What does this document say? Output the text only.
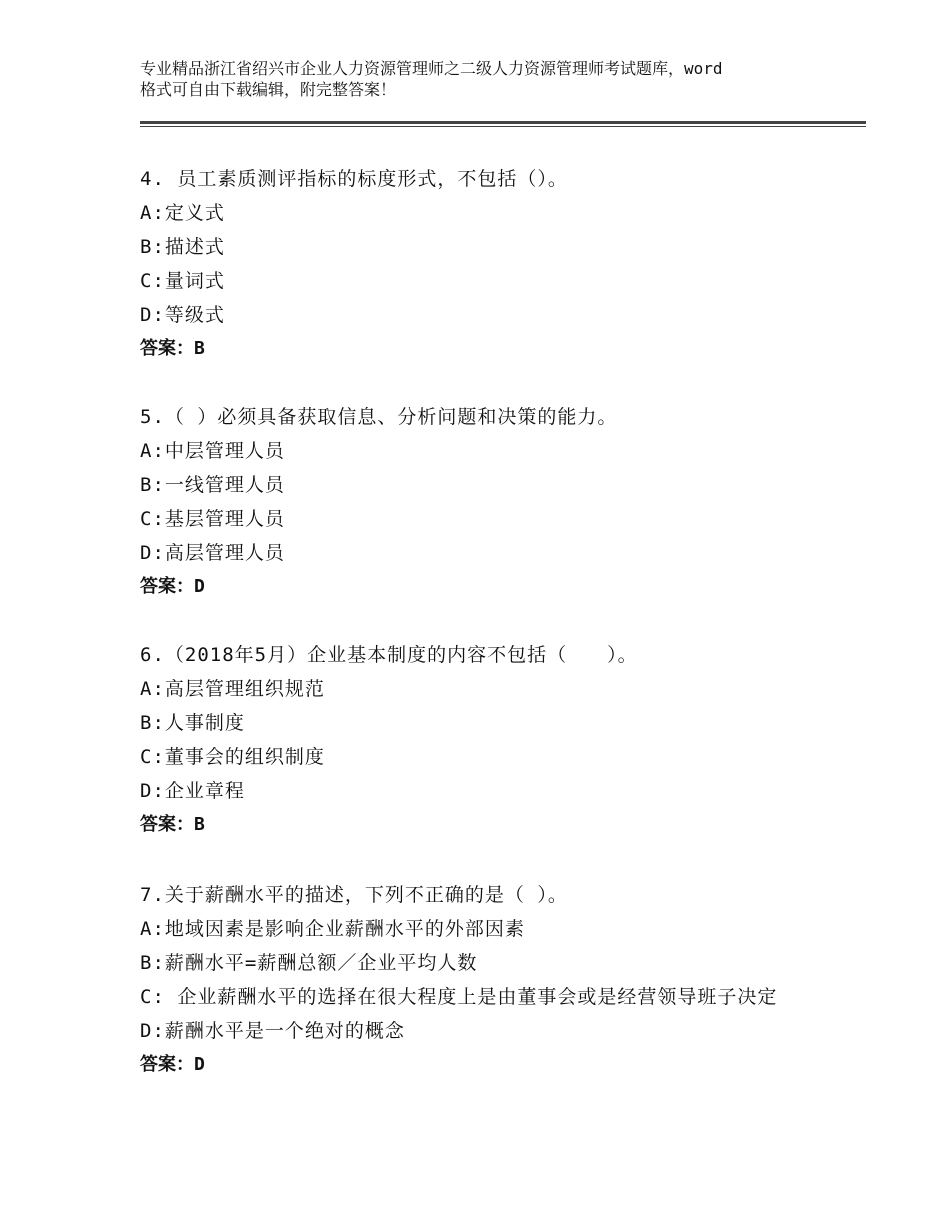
专业精品浙江省绍兴市企业人力资源管理师之二级人力资源管理师考试题库，word
格式可自由下载编辑，附完整答案！

4. 员工素质测评指标的标度形式，不包括（）。

A: 定义式
B: 描述式
C: 量词式
D: 等级式
答案：B

5.（ ）必须具备获取信息、分析问题和决策的能力。

A: 中层管理人员
B: 一线管理人员
C: 基层管理人员
D: 高层管理人员
答案：D

6.（2018年5月）企业基本制度的内容不包括（　　）。

A: 高层管理组织规范
B: 人事制度
C: 董事会的组织制度
D: 企业章程
答案：B

7.关于薪酬水平的描述，下列不正确的是（ ）。

A: 地域因素是影响企业薪酬水平的外部因素
B: 薪酬水平=薪酬总额／企业平均人数
C: 企业薪酬水平的选择在很大程度上是由董事会或是经营领导班子决定
D: 薪酬水平是一个绝对的概念
答案：D
